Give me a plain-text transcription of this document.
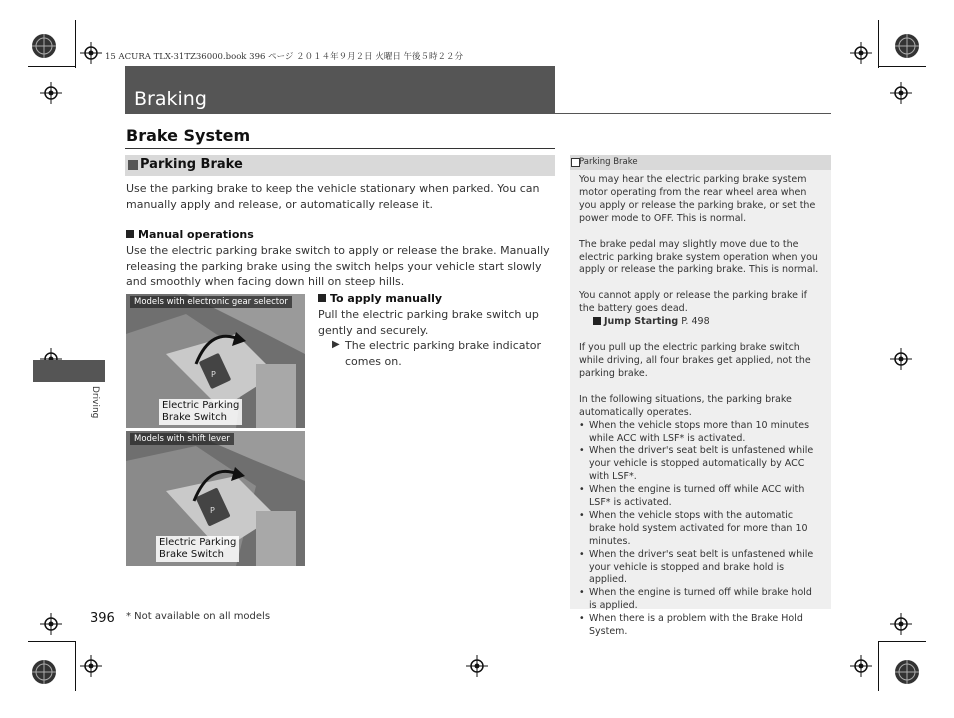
15 ACURA TLX-31TZ36000.book 396 ページ ２０１４年９月２日 火曜日 午後５時２２分
Braking
Brake System
Parking Brake
Use the parking brake to keep the vehicle stationary when parked. You can manually apply and release, or automatically release it.
Manual operations
Use the electric parking brake switch to apply or release the brake. Manually releasing the parking brake using the switch helps your vehicle start slowly and smoothly when facing down hill on steep hills.
P
Models with electronic gear selector
Electric Parking
Brake Switch
P
Models with shift lever
Electric Parking
Brake Switch
To apply manually
Pull the electric parking brake switch up gently and securely.
▶ The electric parking brake indicator comes on.
Driving
Parking Brake
You may hear the electric parking brake system motor operating from the rear wheel area when you apply or release the parking brake, or set the power mode to OFF. This is normal.
The brake pedal may slightly move due to the electric parking brake system operation when you apply or release the parking brake. This is normal.
You cannot apply or release the parking brake if the battery goes dead.
Jump Starting P. 498
If you pull up the electric parking brake switch while driving, all four brakes get applied, not the parking brake.
In the following situations, the parking brake automatically operates.
• When the vehicle stops more than 10 minutes while ACC with LSF* is activated.
• When the driver's seat belt is unfastened while your vehicle is stopped automatically by ACC with LSF*.
• When the engine is turned off while ACC with LSF* is activated.
• When the vehicle stops with the automatic brake hold system activated for more than 10 minutes.
• When the driver's seat belt is unfastened while your vehicle is stopped and brake hold is applied.
• When the engine is turned off while brake hold is applied.
• When there is a problem with the Brake Hold System.
396 * Not available on all models
